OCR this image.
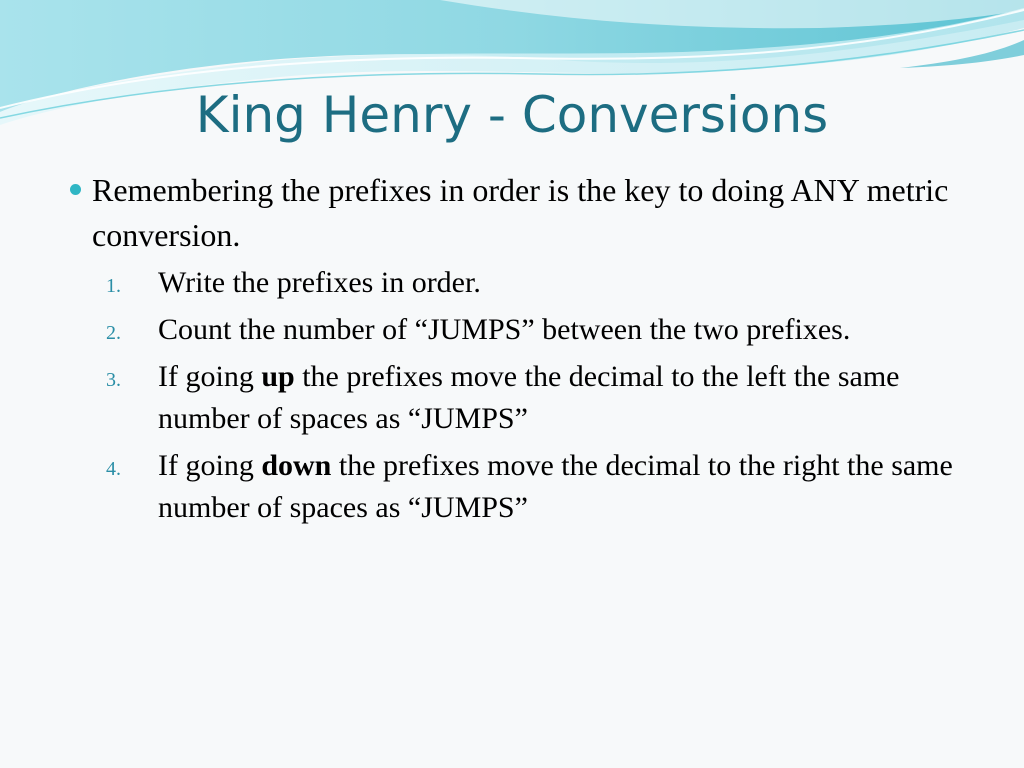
King Henry - Conversions
Remembering the prefixes in order is the key to doing ANY metric conversion.
1. Write the prefixes in order.
2. Count the number of “JUMPS” between the two prefixes.
3. If going up the prefixes move the decimal to the left the same number of spaces as “JUMPS”
4. If going down the prefixes move the decimal to the right the same number of spaces as “JUMPS”
